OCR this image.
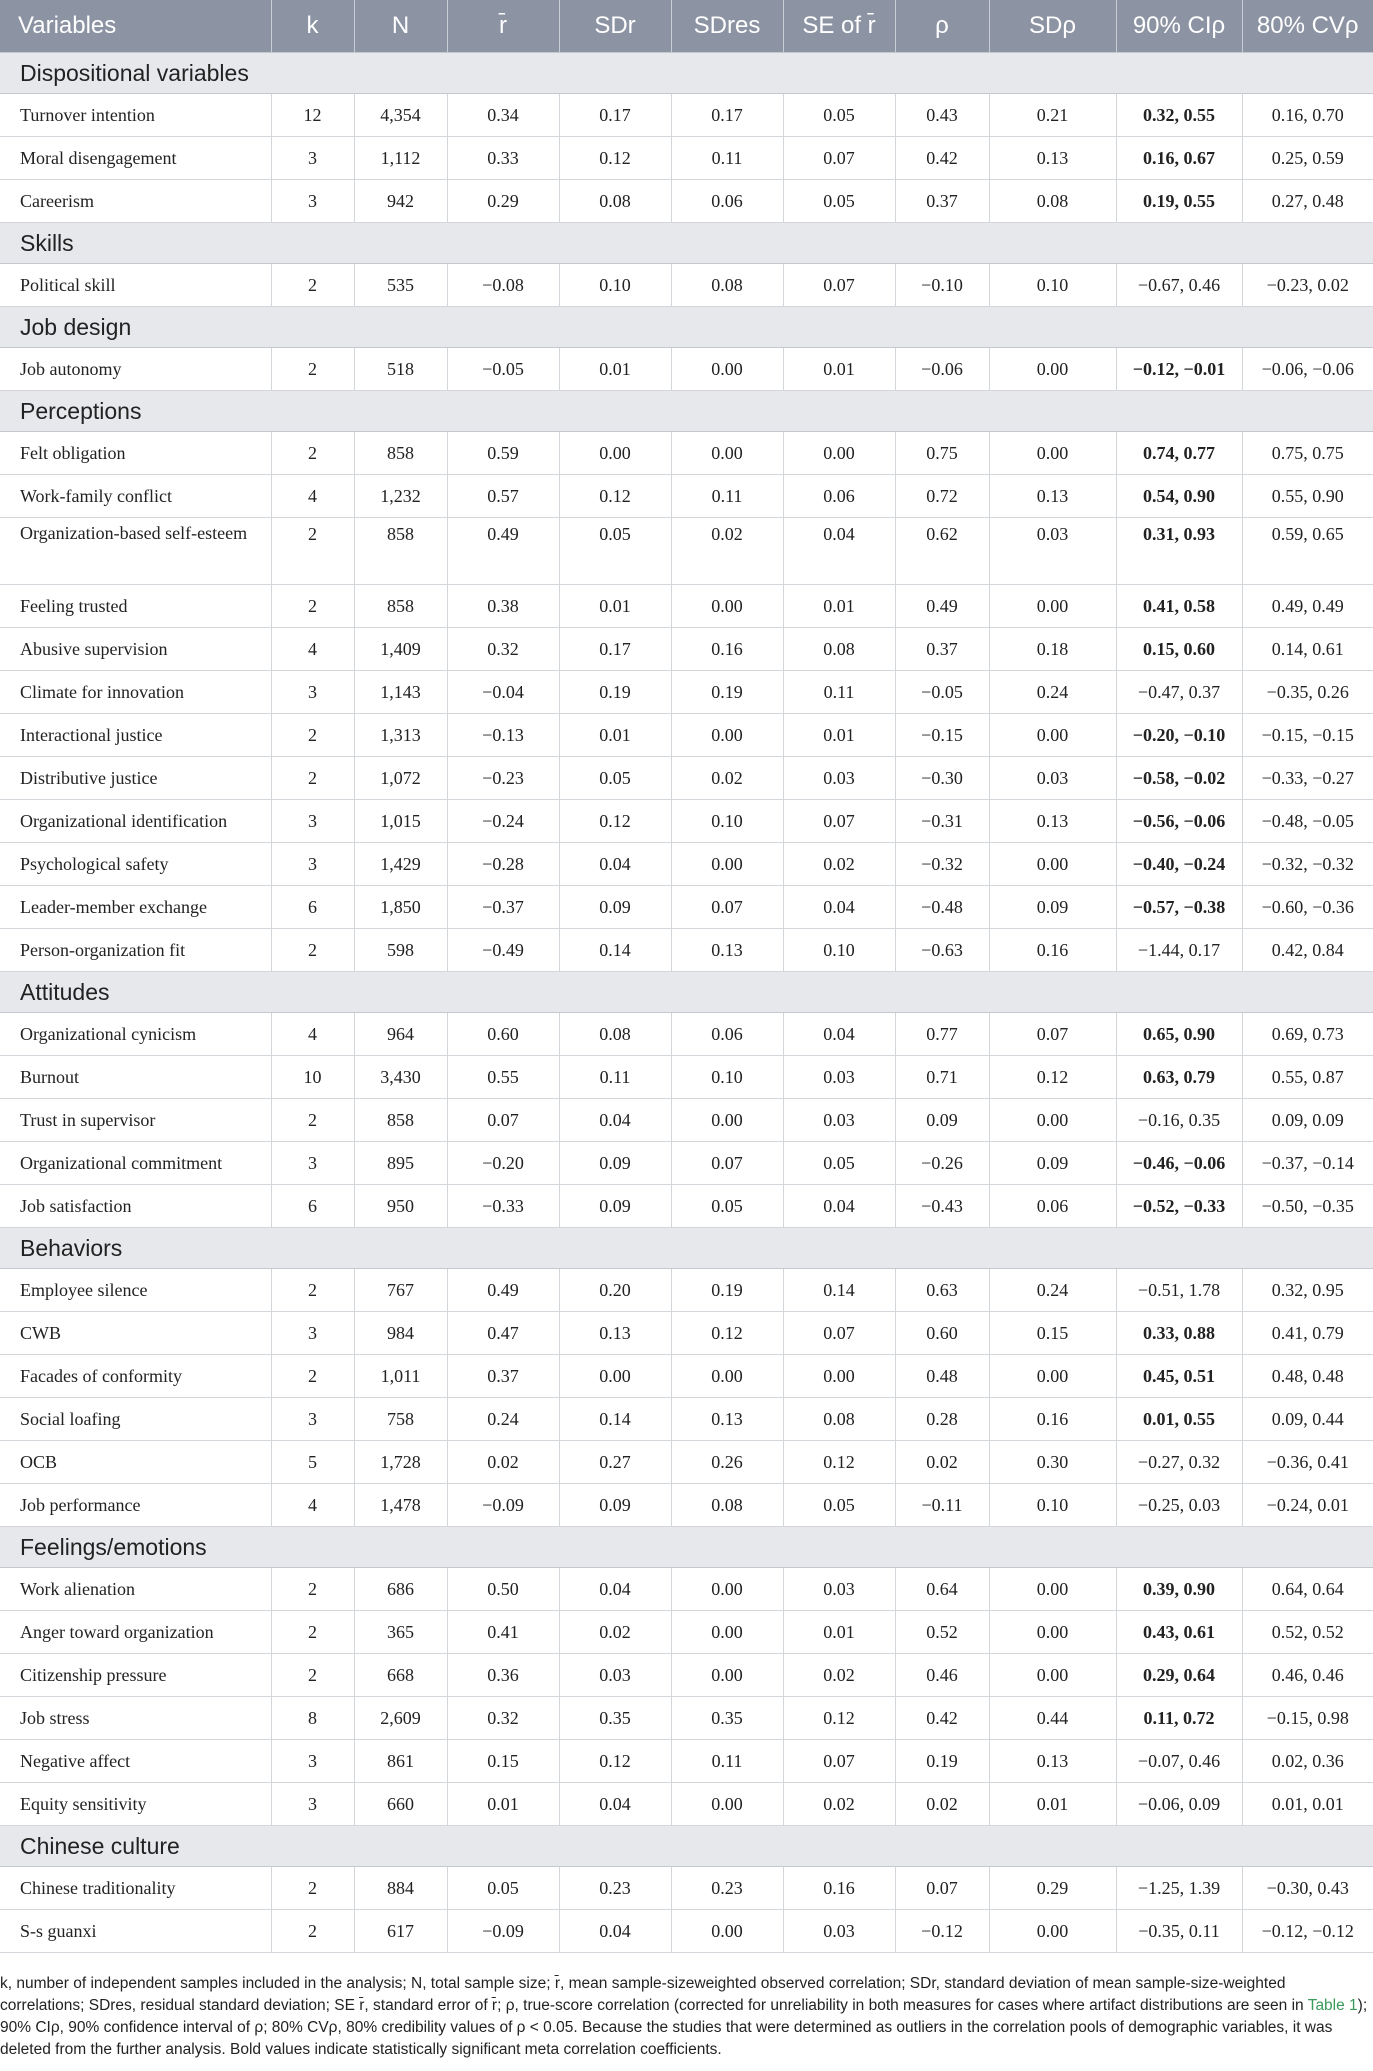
Variables	k	N	r̄	SDr	SDres	SE of r̄	ρ	SDρ	90% CIρ	80% CVρ
Dispositional variables										
Turnover intention	12	4,354	0.34	0.17	0.17	0.05	0.43	0.21	0.32, 0.55	0.16, 0.70
Moral disengagement	3	1,112	0.33	0.12	0.11	0.07	0.42	0.13	0.16, 0.67	0.25, 0.59
Careerism	3	942	0.29	0.08	0.06	0.05	0.37	0.08	0.19, 0.55	0.27, 0.48
Skills										
Political skill	2	535	−0.08	0.10	0.08	0.07	−0.10	0.10	−0.67, 0.46	−0.23, 0.02
Job design										
Job autonomy	2	518	−0.05	0.01	0.00	0.01	−0.06	0.00	−0.12, −0.01	−0.06, −0.06
Perceptions										
Felt obligation	2	858	0.59	0.00	0.00	0.00	0.75	0.00	0.74, 0.77	0.75, 0.75
Work-family conflict	4	1,232	0.57	0.12	0.11	0.06	0.72	0.13	0.54, 0.90	0.55, 0.90
Organization-based self-esteem	2	858	0.49	0.05	0.02	0.04	0.62	0.03	0.31, 0.93	0.59, 0.65
Feeling trusted	2	858	0.38	0.01	0.00	0.01	0.49	0.00	0.41, 0.58	0.49, 0.49
Abusive supervision	4	1,409	0.32	0.17	0.16	0.08	0.37	0.18	0.15, 0.60	0.14, 0.61
Climate for innovation	3	1,143	−0.04	0.19	0.19	0.11	−0.05	0.24	−0.47, 0.37	−0.35, 0.26
Interactional justice	2	1,313	−0.13	0.01	0.00	0.01	−0.15	0.00	−0.20, −0.10	−0.15, −0.15
Distributive justice	2	1,072	−0.23	0.05	0.02	0.03	−0.30	0.03	−0.58, −0.02	−0.33, −0.27
Organizational identification	3	1,015	−0.24	0.12	0.10	0.07	−0.31	0.13	−0.56, −0.06	−0.48, −0.05
Psychological safety	3	1,429	−0.28	0.04	0.00	0.02	−0.32	0.00	−0.40, −0.24	−0.32, −0.32
Leader-member exchange	6	1,850	−0.37	0.09	0.07	0.04	−0.48	0.09	−0.57, −0.38	−0.60, −0.36
Person-organization fit	2	598	−0.49	0.14	0.13	0.10	−0.63	0.16	−1.44, 0.17	0.42, 0.84
Attitudes										
Organizational cynicism	4	964	0.60	0.08	0.06	0.04	0.77	0.07	0.65, 0.90	0.69, 0.73
Burnout	10	3,430	0.55	0.11	0.10	0.03	0.71	0.12	0.63, 0.79	0.55, 0.87
Trust in supervisor	2	858	0.07	0.04	0.00	0.03	0.09	0.00	−0.16, 0.35	0.09, 0.09
Organizational commitment	3	895	−0.20	0.09	0.07	0.05	−0.26	0.09	−0.46, −0.06	−0.37, −0.14
Job satisfaction	6	950	−0.33	0.09	0.05	0.04	−0.43	0.06	−0.52, −0.33	−0.50, −0.35
Behaviors										
Employee silence	2	767	0.49	0.20	0.19	0.14	0.63	0.24	−0.51, 1.78	0.32, 0.95
CWB	3	984	0.47	0.13	0.12	0.07	0.60	0.15	0.33, 0.88	0.41, 0.79
Facades of conformity	2	1,011	0.37	0.00	0.00	0.00	0.48	0.00	0.45, 0.51	0.48, 0.48
Social loafing	3	758	0.24	0.14	0.13	0.08	0.28	0.16	0.01, 0.55	0.09, 0.44
OCB	5	1,728	0.02	0.27	0.26	0.12	0.02	0.30	−0.27, 0.32	−0.36, 0.41
Job performance	4	1,478	−0.09	0.09	0.08	0.05	−0.11	0.10	−0.25, 0.03	−0.24, 0.01
Feelings/emotions										
Work alienation	2	686	0.50	0.04	0.00	0.03	0.64	0.00	0.39, 0.90	0.64, 0.64
Anger toward organization	2	365	0.41	0.02	0.00	0.01	0.52	0.00	0.43, 0.61	0.52, 0.52
Citizenship pressure	2	668	0.36	0.03	0.00	0.02	0.46	0.00	0.29, 0.64	0.46, 0.46
Job stress	8	2,609	0.32	0.35	0.35	0.12	0.42	0.44	0.11, 0.72	−0.15, 0.98
Negative affect	3	861	0.15	0.12	0.11	0.07	0.19	0.13	−0.07, 0.46	0.02, 0.36
Equity sensitivity	3	660	0.01	0.04	0.00	0.02	0.02	0.01	−0.06, 0.09	0.01, 0.01
Chinese culture										
Chinese traditionality	2	884	0.05	0.23	0.23	0.16	0.07	0.29	−1.25, 1.39	−0.30, 0.43
S-s guanxi	2	617	−0.09	0.04	0.00	0.03	−0.12	0.00	−0.35, 0.11	−0.12, −0.12
k, number of independent samples included in the analysis; N, total sample size; r̄, mean sample-sizeweighted observed correlation; SDr, standard deviation of mean sample-size-weighted correlations; SDres, residual standard deviation; SE r̄, standard error of r̄; ρ, true-score correlation (corrected for unreliability in both measures for cases where artifact distributions are seen in Table 1); 90% CIρ, 90% confidence interval of ρ; 80% CVρ, 80% credibility values of ρ < 0.05. Because the studies that were determined as outliers in the correlation pools of demographic variables, it was deleted from the further analysis. Bold values indicate statistically significant meta correlation coefficients.
